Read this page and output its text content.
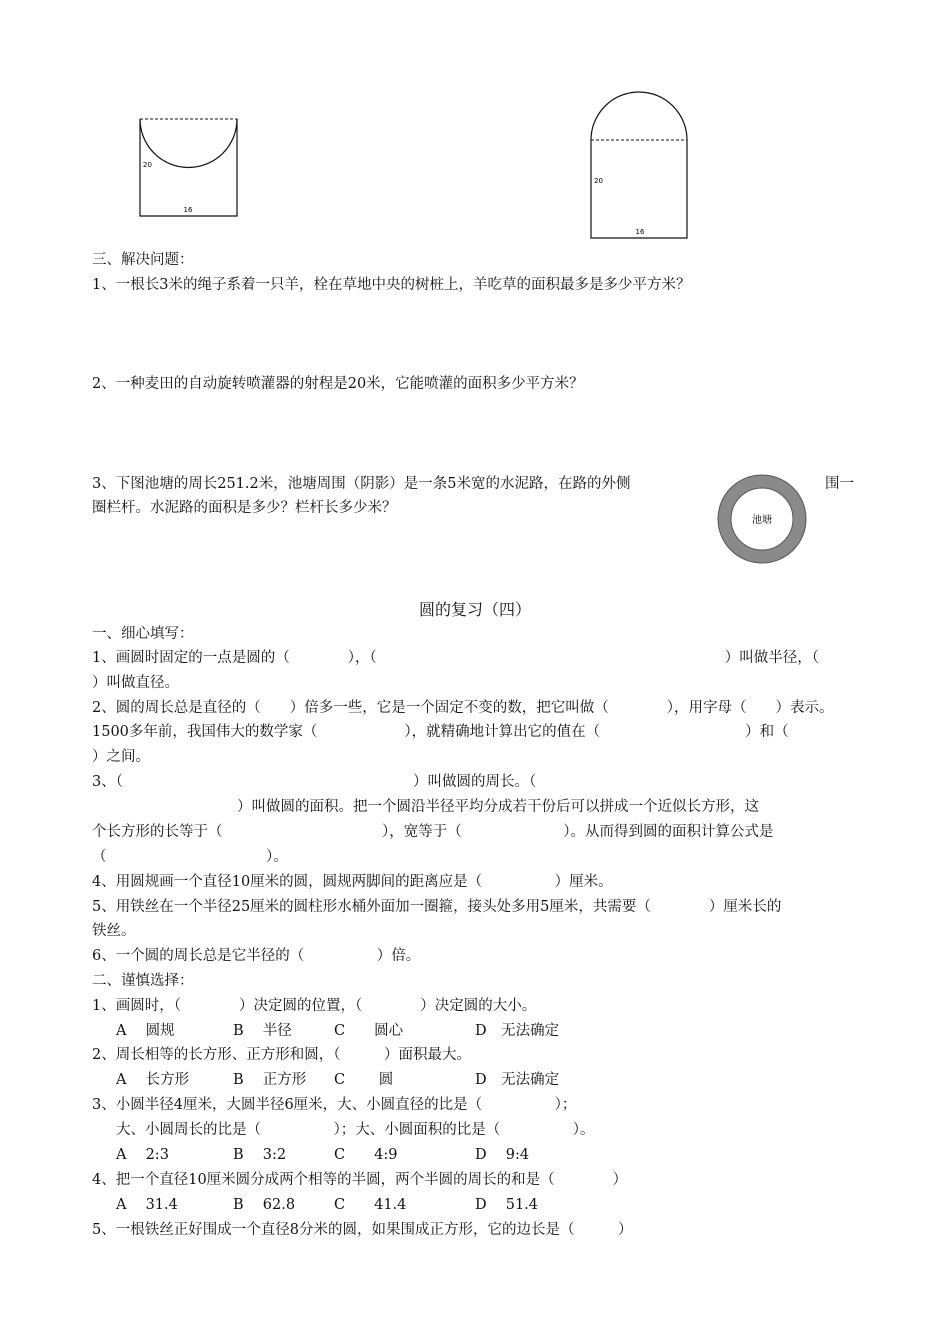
20
16
20
16

三、解决问题：

1、一根长3米的绳子系着一只羊，栓在草地中央的树桩上，羊吃草的面积最多是多少平方米？

2、一种麦田的自动旋转喷灌器的射程是20米，它能喷灌的面积多少平方米？

3、下图池塘的周长251.2米，池塘周围（阴影）是一条5米宽的水泥路，在路的外侧	围一

圈栏杆。水泥路的面积是多少？栏杆长多少米？

池塘

圆的复习（四）

一、细心填写：

1、画圆时固定的一点是圆的（　　　　），（　　　　　　　　　　　　　　　　　　　　　　　　）叫做半径，（

）叫做直径。

2、圆的周长总是直径的（　　）倍多一些，它是一个固定不变的数，把它叫做（　　　　），用字母（　　）表示。

1500多年前，我国伟大的数学家（　　　　　　），就精确地计算出它的值在（　　　　　　　　　　）和（

）之间。

3、（　　　　　　　　　　　　　　　　　　　　）叫做圆的周长。（

　　　　　　　　　　）叫做圆的面积。把一个圆沿半径平均分成若干份后可以拼成一个近似长方形，这

个长方形的长等于（　　　　　　　　　　　），宽等于（　　　　　　　）。从而得到圆的面积计算公式是

（　　　　　　　　　　　）。

4、用圆规画一个直径10厘米的圆，圆规两脚间的距离应是（　　　　　）厘米。

5、用铁丝在一个半径25厘米的圆柱形水桶外面加一圈箍，接头处多用5厘米，共需要（　　　　）厘米长的

铁丝。

6、一个圆的周长总是它半径的（　　　　　）倍。

二、谨慎选择：

1、画圆时，（　　　　）决定圆的位置，（　　　　）决定圆的大小。

A　 圆规	B　 半径	C　　圆心	D　无法确定

2、周长相等的长方形、正方形和圆，（　　　）面积最大。

A　 长方形	B　 正方形 C　　 圆	D　无法确定

3、小圆半径4厘米，大圆半径6厘米，大、小圆直径的比是（　　　　　）；

大、小圆周长的比是（　　　　　）；大、小圆面积的比是（　　　　　）。

A　 2:3	B　 3:2	C　　4:9	D　 9:4

4、把一个直径10厘米圆分成两个相等的半圆，两个半圆的周长的和是（　　　　）

A　 31.4	B　 62.8	C　　41.4	D　 51.4

5、一根铁丝正好围成一个直径8分米的圆，如果围成正方形，它的边长是（　　　）
